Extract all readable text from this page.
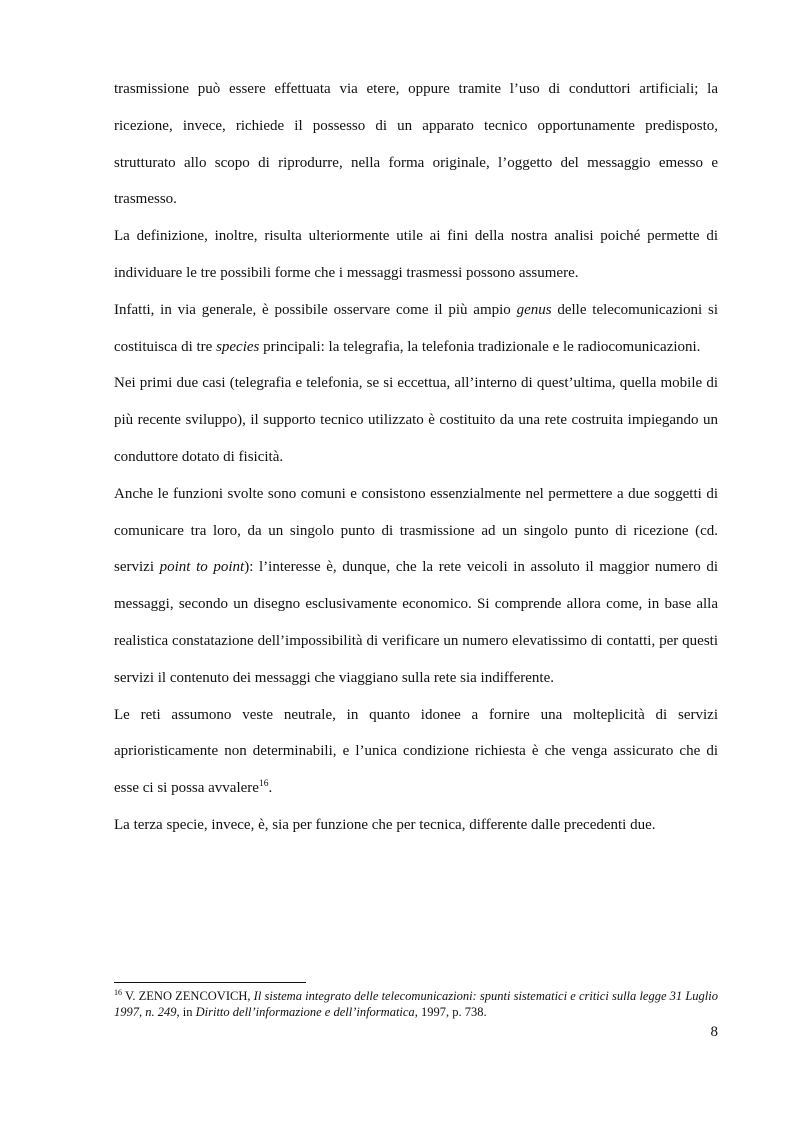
trasmissione può essere effettuata via etere, oppure tramite l’uso di conduttori artificiali; la ricezione, invece, richiede il possesso di un apparato tecnico opportunamente predisposto, strutturato allo scopo di riprodurre, nella forma originale, l’oggetto del messaggio emesso e trasmesso.

La definizione, inoltre, risulta ulteriormente utile ai fini della nostra analisi poiché permette di individuare le tre possibili forme che i messaggi trasmessi possono assumere.

Infatti, in via generale, è possibile osservare come il più ampio genus delle telecomunicazioni si costituisca di tre species principali: la telegrafia, la telefonia tradizionale e le radiocomunicazioni.

Nei primi due casi (telegrafia e telefonia, se si eccettua, all’interno di quest’ultima, quella mobile di più recente sviluppo), il supporto tecnico utilizzato è costituito da una rete costruita impiegando un conduttore dotato di fisicità.

Anche le funzioni svolte sono comuni e consistono essenzialmente nel permettere a due soggetti di comunicare tra loro, da un singolo punto di trasmissione ad un singolo punto di ricezione (cd. servizi point to point): l’interesse è, dunque, che la rete veicoli in assoluto il maggior numero di messaggi, secondo un disegno esclusivamente economico. Si comprende allora come, in base alla realistica constatazione dell’impossibilità di verificare un numero elevatissimo di contatti, per questi servizi il contenuto dei messaggi che viaggiano sulla rete sia indifferente.

Le reti assumono veste neutrale, in quanto idonee a fornire una molteplicità di servizi aprioristicamente non determinabili, e l’unica condizione richiesta è che venga assicurato che di esse ci si possa avvalere$^{16}$.

La terza specie, invece, è, sia per funzione che per tecnica, differente dalle precedenti due.

$^{16}$ V. ZENO ZENCOVICH, Il sistema integrato delle telecomunicazioni: spunti sistematici e critici sulla legge 31 Luglio 1997, n. 249, in Diritto dell’informazione e dell’informatica, 1997, p. 738.
8
